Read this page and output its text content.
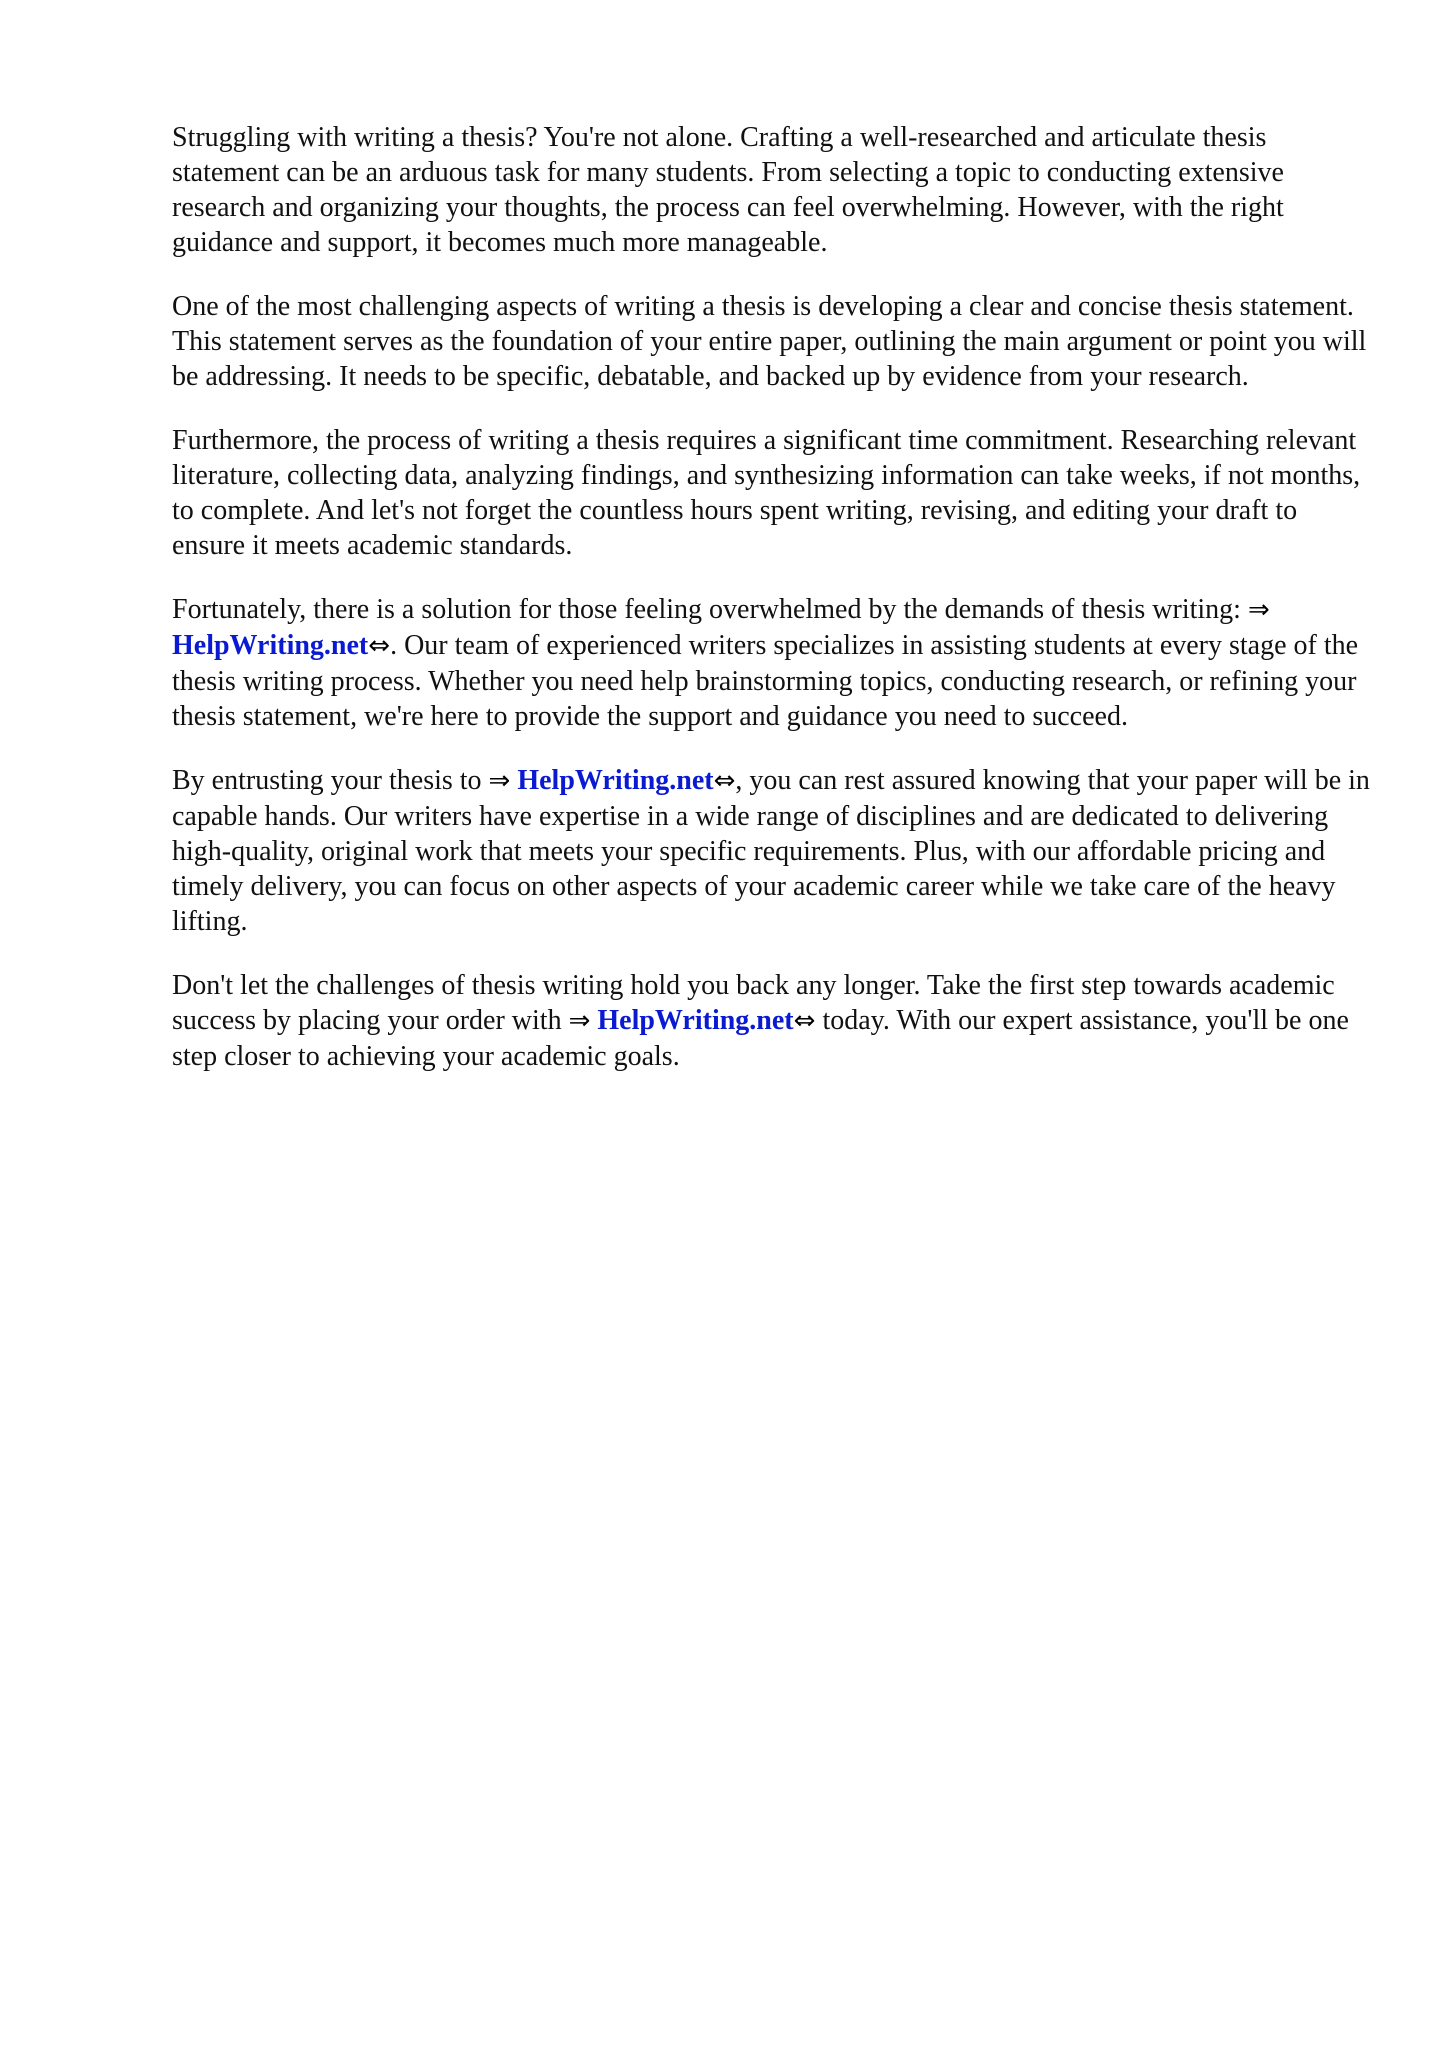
Struggling with writing a thesis? You're not alone. Crafting a well-researched and articulate thesis statement can be an arduous task for many students. From selecting a topic to conducting extensive research and organizing your thoughts, the process can feel overwhelming. However, with the right guidance and support, it becomes much more manageable.

One of the most challenging aspects of writing a thesis is developing a clear and concise thesis statement. This statement serves as the foundation of your entire paper, outlining the main argument or point you will be addressing. It needs to be specific, debatable, and backed up by evidence from your research.

Furthermore, the process of writing a thesis requires a significant time commitment. Researching relevant literature, collecting data, analyzing findings, and synthesizing information can take weeks, if not months, to complete. And let's not forget the countless hours spent writing, revising, and editing your draft to ensure it meets academic standards.

Fortunately, there is a solution for those feeling overwhelmed by the demands of thesis writing: ⇒ HelpWriting.net⇔. Our team of experienced writers specializes in assisting students at every stage of the thesis writing process. Whether you need help brainstorming topics, conducting research, or refining your thesis statement, we're here to provide the support and guidance you need to succeed.

By entrusting your thesis to ⇒ HelpWriting.net⇔, you can rest assured knowing that your paper will be in capable hands. Our writers have expertise in a wide range of disciplines and are dedicated to delivering high-quality, original work that meets your specific requirements. Plus, with our affordable pricing and timely delivery, you can focus on other aspects of your academic career while we take care of the heavy lifting.

Don't let the challenges of thesis writing hold you back any longer. Take the first step towards academic success by placing your order with ⇒ HelpWriting.net⇔ today. With our expert assistance, you'll be one step closer to achieving your academic goals.
